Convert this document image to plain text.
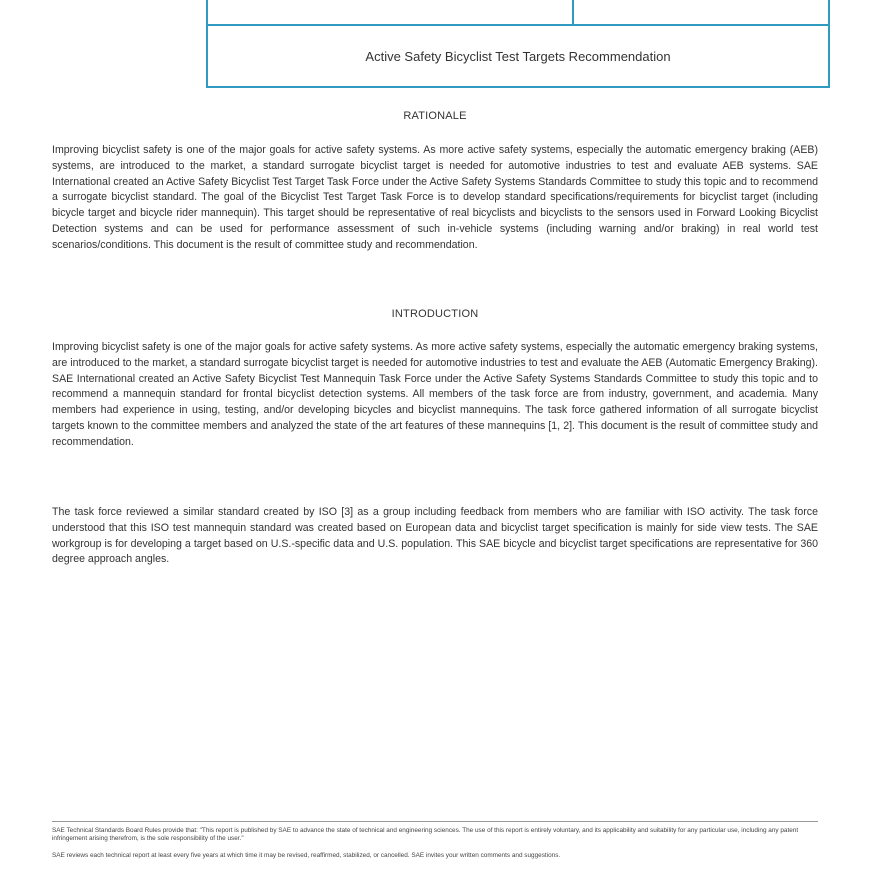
Active Safety Bicyclist Test Targets Recommendation
RATIONALE

Improving bicyclist safety is one of the major goals for active safety systems. As more active safety systems, especially the automatic emergency braking (AEB) systems, are introduced to the market, a standard surrogate bicyclist target is needed for automotive industries to test and evaluate AEB systems. SAE International created an Active Safety Bicyclist Test Target Task Force under the Active Safety Systems Standards Committee to study this topic and to recommend a surrogate bicyclist standard. The goal of the Bicyclist Test Target Task Force is to develop standard specifications/requirements for bicyclist target (including bicycle target and bicycle rider mannequin). This target should be representative of real bicyclists and bicyclists to the sensors used in Forward Looking Bicyclist Detection systems and can be used for performance assessment of such in-vehicle systems (including warning and/or braking) in real world test scenarios/conditions. This document is the result of committee study and recommendation.

INTRODUCTION

Improving bicyclist safety is one of the major goals for active safety systems. As more active safety systems, especially the automatic emergency braking systems, are introduced to the market, a standard surrogate bicyclist target is needed for automotive industries to test and evaluate the AEB (Automatic Emergency Braking). SAE International created an Active Safety Bicyclist Test Mannequin Task Force under the Active Safety Systems Standards Committee to study this topic and to recommend a mannequin standard for frontal bicyclist detection systems. All members of the task force are from industry, government, and academia. Many members had experience in using, testing, and/or developing bicycles and bicyclist mannequins. The task force gathered information of all surrogate bicyclist targets known to the committee members and analyzed the state of the art features of these mannequins [1, 2]. This document is the result of committee study and recommendation.

The task force reviewed a similar standard created by ISO [3] as a group including feedback from members who are familiar with ISO activity. The task force understood that this ISO test mannequin standard was created based on European data and bicyclist target specification is mainly for side view tests. The SAE workgroup is for developing a target based on U.S.-specific data and U.S. population. This SAE bicycle and bicyclist target specifications are representative for 360 degree approach angles.

SAE Technical Standards Board Rules provide that: "This report is published by SAE to advance the state of technical and engineering sciences. The use of this report is entirely voluntary, and its applicability and suitability for any particular use, including any patent infringement arising therefrom, is the sole responsibility of the user."

SAE reviews each technical report at least every five years at which time it may be revised, reaffirmed, stabilized, or cancelled. SAE invites your written comments and suggestions.
